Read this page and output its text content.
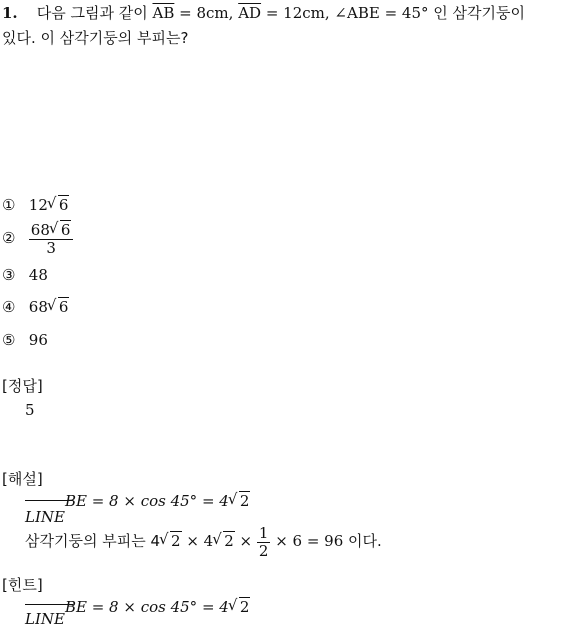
1. 다음 그림과 같이 $\overline{AB} = 8cm$, $\overline{AD} = 12cm$, ∠ABE = 45° 인 삼각기둥이
있다. 이 삼각기둥의 부피는?
① 12 √ 6
② $\frac{68 √ 6}{3}$
③ 48
④ 68 √ 6
⑤ 96
[정답]
5
[해설]
LINEBE = 8 × cos 45° = 4 √ 2
삼각기둥의 부피는 4 √ 2 × 4 √ $2 \times \frac{1}{2} \times 6 = 96$ 이다.
[힌트]
LINEBE = 8 × cos 45° = 4 √ 2
